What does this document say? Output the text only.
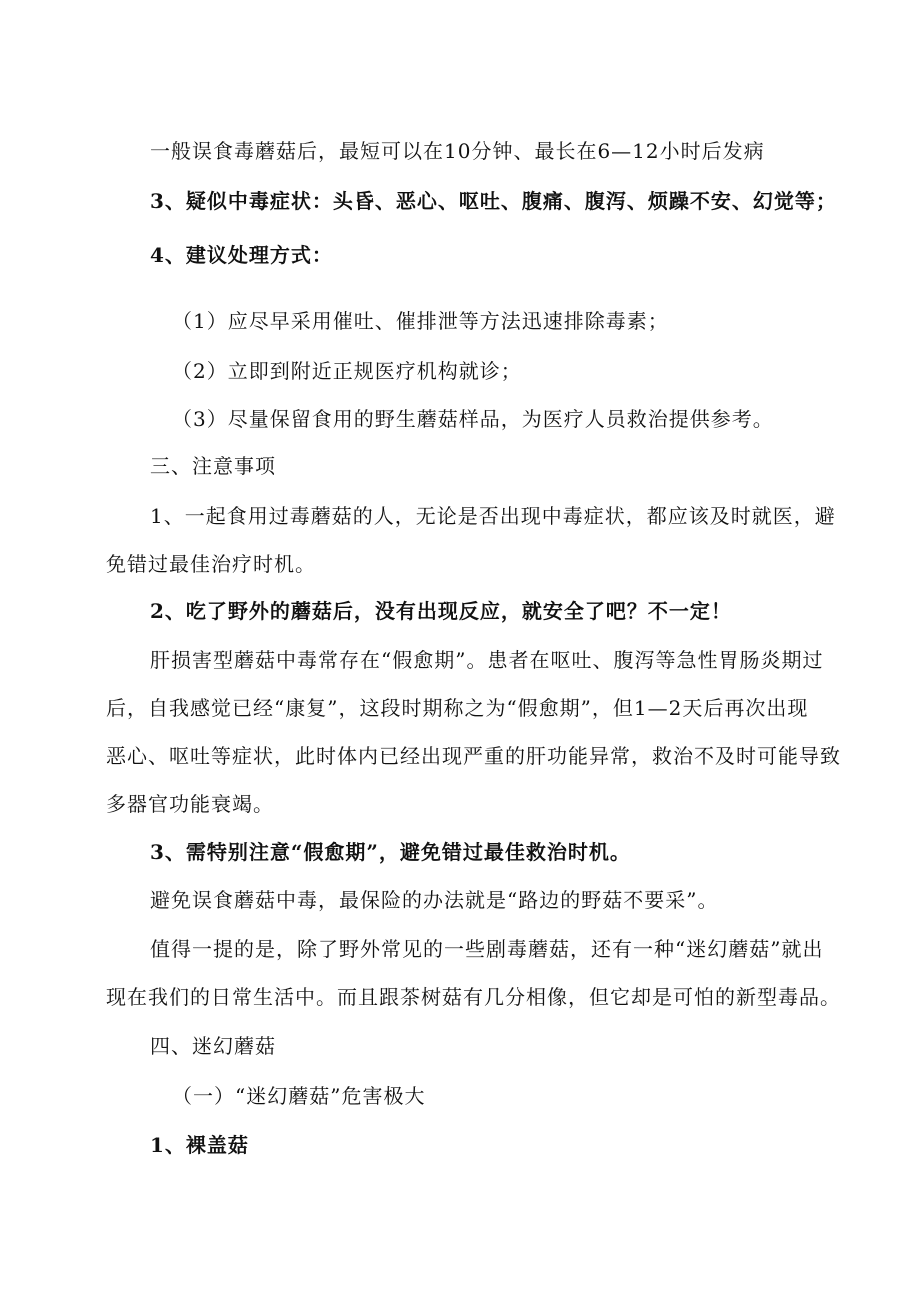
一般误食毒蘑菇后，最短可以在10分钟、最长在6—12小时后发病
3、疑似中毒症状：头昏、恶心、呕吐、腹痛、腹泻、烦躁不安、幻觉等；
4、建议处理方式：
（1）应尽早采用催吐、催排泄等方法迅速排除毒素；
（2）立即到附近正规医疗机构就诊；
（3）尽量保留食用的野生蘑菇样品，为医疗人员救治提供参考。
三、注意事项
1、一起食用过毒蘑菇的人，无论是否出现中毒症状，都应该及时就医，避
免错过最佳治疗时机。
2、吃了野外的蘑菇后，没有出现反应，就安全了吧？不一定！
肝损害型蘑菇中毒常存在“假愈期”。患者在呕吐、腹泻等急性胃肠炎期过
后，自我感觉已经“康复”，这段时期称之为“假愈期”，但1—2天后再次出现
恶心、呕吐等症状，此时体内已经出现严重的肝功能异常，救治不及时可能导致
多器官功能衰竭。
3、需特别注意“假愈期”，避免错过最佳救治时机。
避免误食蘑菇中毒，最保险的办法就是“路边的野菇不要采”。
值得一提的是，除了野外常见的一些剧毒蘑菇，还有一种“迷幻蘑菇”就出
现在我们的日常生活中。而且跟茶树菇有几分相像，但它却是可怕的新型毒品。
四、迷幻蘑菇
（一）“迷幻蘑菇”危害极大
1、裸盖菇
